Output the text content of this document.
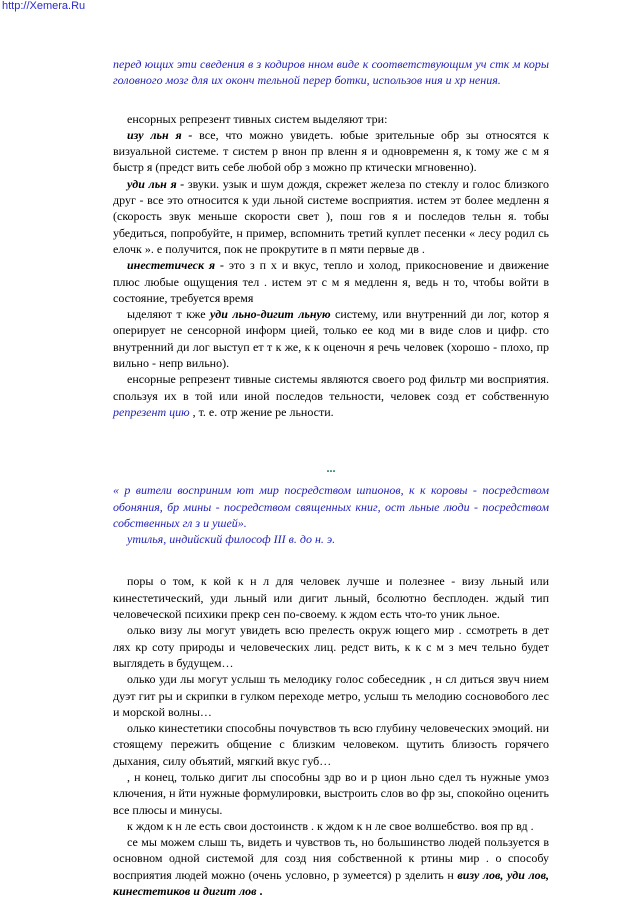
http://Xemera.Ru

перед ющих эти сведения в з кодиров нном виде к соответствующим уч стк м коры головного мозг для их оконч тельной перер ботки, использов ния и хр нения.

енсорных репрезент тивных систем выделяют три:

изу льн я - все, что можно увидеть. юбые зрительные обр зы относятся к визуальной системе. т систем р внон пр вленн я и одновременн я, к тому же с м я быстр я (предст вить себе любой обр з можно пр ктически мгновенно).

уди льн я - звуки. узык и шум дождя, скрежет железа по стеклу и голос близкого друг - все это относится к уди льной системе восприятия. истем эт более медленн я (скорость звук меньше скорости свет ), пош гов я и последов тельн я. тобы убедиться, попробуйте, н пример, вспомнить третий куплет песенки « лесу родил сь елочк ». е получится, пок не прокрутите в п мяти первые дв .

инестетическ я - это з п х и вкус, тепло и холод, прикосновение и движение плюс любые ощущения тел . истем эт с м я медленн я, ведь н то, чтобы войти в состояние, требуется время

ыделяют т кже уди льно-дигит льную систему, или внутренний ди лог, котор я оперирует не сенсорной информ цией, только ее код ми в виде слов и цифр. сто внутренний ди лог выступ ет т к же, к к оценочн я речь человек (хорошо - плохо, пр вильно - непр вильно).

енсорные репрезент тивные системы являются своего род фильтр ми восприятия. спользуя их в той или иной последов тельности, человек созд ет собственную репрезент цию , т. е. отр жение ре льности.

...

« р вители восприним ют мир посредством шпионов, к к коровы - посредством обоняния, бр мины - посредством священных книг, ост льные люди - посредством собственных гл з и ушей».

утилья, индийский философ III в. до н. э.

поры о том, к кой к н л для человек лучше и полезнее - визу льный или кинестетический, уди льный или дигит льный, бсолютно бесплоден. ждый тип человеческой психики прекр сен по-своему. к ждом есть что-то уник льное.

олько визу лы могут увидеть всю прелесть окруж ющего мир . ссмотреть в дет лях кр соту природы и человеческих лиц. редст вить, к к с м з меч тельно будет выглядеть в будущем…

олько уди лы могут услыш ть мелодику голос собеседник , н сл диться звуч нием дуэт гит ры и скрипки в гулком переходе метро, услыш ть мелодию сосновобого лес и морской волны…

олько кинестетики способны почувствов ть всю глубину человеческих эмоций. ни стоящему пережить общение с близким человеком. щутить близость горячего дыхания, силу объятий, мягкий вкус губ…

, н конец, только дигит лы способны здр во и р цион льно сдел ть нужные умоз ключения, н йти нужные формулировки, выстроить слов во фр зы, спокойно оценить все плюсы и минусы.

к ждом к н ле есть свои достоинств . к ждом к н ле свое волшебство. воя пр вд .

се мы можем слыш ть, видеть и чувствов ть, но большинство людей пользуется в основном одной системой для созд ния собственной к ртины мир . о способу восприятия людей можно (очень условно, р зумеется) р зделить н визу лов, уди лов, кинестетиков и дигит лов .
